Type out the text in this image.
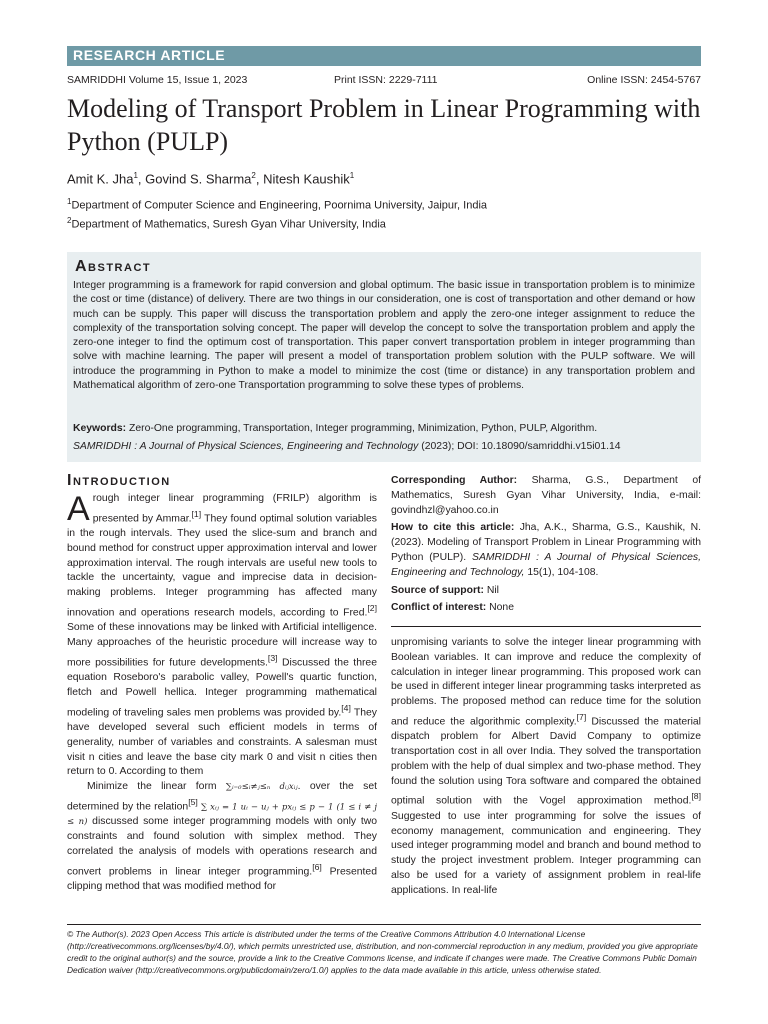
RESEARCH ARTICLE
SAMRIDDHI Volume 15, Issue 1, 2023	Print ISSN: 2229-7111	Online ISSN: 2454-5767
Modeling of Transport Problem in Linear Programming with Python (PULP)
Amit K. Jha$^1$, Govind S. Sharma$^2$, Nitesh Kaushik$^1$
$^1$Department of Computer Science and Engineering, Poornima University, Jaipur, India
$^2$Department of Mathematics, Suresh Gyan Vihar University, India
Abstract

Integer programming is a framework for rapid conversion and global optimum. The basic issue in transportation problem is to minimize the cost or time (distance) of delivery. There are two things in our consideration, one is cost of transportation and other demand or how much can be supply. This paper will discuss the transportation problem and apply the zero-one integer assignment to reduce the complexity of the transportation solving concept. The paper will develop the concept to solve the transportation problem and apply the zero-one integer to find the optimum cost of transportation. This paper convert transportation problem in integer programming than solve with machine learning. The paper will present a model of transportation problem solution with the PULP software. We will introduce the programming in Python to make a model to minimize the cost (time or distance) in any transportation problem and Mathematical algorithm of zero-one Transportation programming to solve these types of problems.

Keywords: Zero-One programming, Transportation, Integer programming, Minimization, Python, PULP, Algorithm.
SAMRIDDHI : A Journal of Physical Sciences, Engineering and Technology (2023); DOI: 10.18090/samriddhi.v15i01.14
Introduction

Arough integer linear programming (FRILP) algorithm is presented by Ammar.[1] They found optimal solution variables in the rough intervals. They used the slice-sum and branch and bound method for construct upper approximation interval and lower approximation interval. The rough intervals are useful new tools to tackle the uncertainty, vague and imprecise data in decision-making problems. Integer programming has affected many innovation and operations research models, according to Fred.[2] Some of these innovations may be linked with Artificial intelligence. Many approaches of the heuristic procedure will increase way to more possibilities for future developments.[3] Discussed the three equation Roseboro's parabolic valley, Powell's quartic function, fletch and Powell hellica. Integer programming mathematical modeling of traveling sales men problems was provided by.[4] They have developed several such efficient models in terms of generality, number of variables and constraints. A salesman must visit n cities and leave the base city mark 0 and visit n cities then return to 0. According to them

Minimize the linear form ∑ᵢ₌₀≤ᵢ≠ⱼ≤ₙ dᵢⱼxᵢⱼ. over the set determined by the relation[5] ∑ xᵢⱼ = 1 uᵢ − uⱼ + pxᵢⱼ ≤ p − 1 (1 ≤ i ≠ j ≤ n) discussed some integer programming models with only two constraints and found solution with simplex method. They correlated the analysis of models with operations research and convert problems in linear integer programming.[6] Presented clipping method that was modified method for

Corresponding Author: Sharma, G.S., Department of Mathematics, Suresh Gyan Vihar University, India, e-mail: govindhzl@yahoo.co.in

How to cite this article: Jha, A.K., Sharma, G.S., Kaushik, N. (2023). Modeling of Transport Problem in Linear Programming with Python (PULP). SAMRIDDHI : A Journal of Physical Sciences, Engineering and Technology, 15(1), 104-108.

Source of support: Nil

Conflict of interest: None

unpromising variants to solve the integer linear programming with Boolean variables. It can improve and reduce the complexity of calculation in integer linear programming. This proposed work can be used in different integer linear programming tasks interpreted as problems. The proposed method can reduce time for the solution and reduce the algorithmic complexity.[7] Discussed the material dispatch problem for Albert David Company to optimize transportation cost in all over India. They solved the transportation problem with the help of dual simplex and two-phase method. They found the solution using Tora software and compared the obtained optimal solution with the Vogel approximation method.[8] Suggested to use inter programming for solve the issues of economy management, communication and engineering. They used integer programming model and branch and bound method to study the project investment problem. Integer programming can also be used for a variety of assignment problem in real-life applications. In real-life

© The Author(s). 2023 Open Access This article is distributed under the terms of the Creative Commons Attribution 4.0 International License (http://creativecommons.org/licenses/by/4.0/), which permits unrestricted use, distribution, and non-commercial reproduction in any medium, provided you give appropriate credit to the original author(s) and the source, provide a link to the Creative Commons license, and indicate if changes were made. The Creative Commons Public Domain Dedication waiver (http://creativecommons.org/publicdomain/zero/1.0/) applies to the data made available in this article, unless otherwise stated.
